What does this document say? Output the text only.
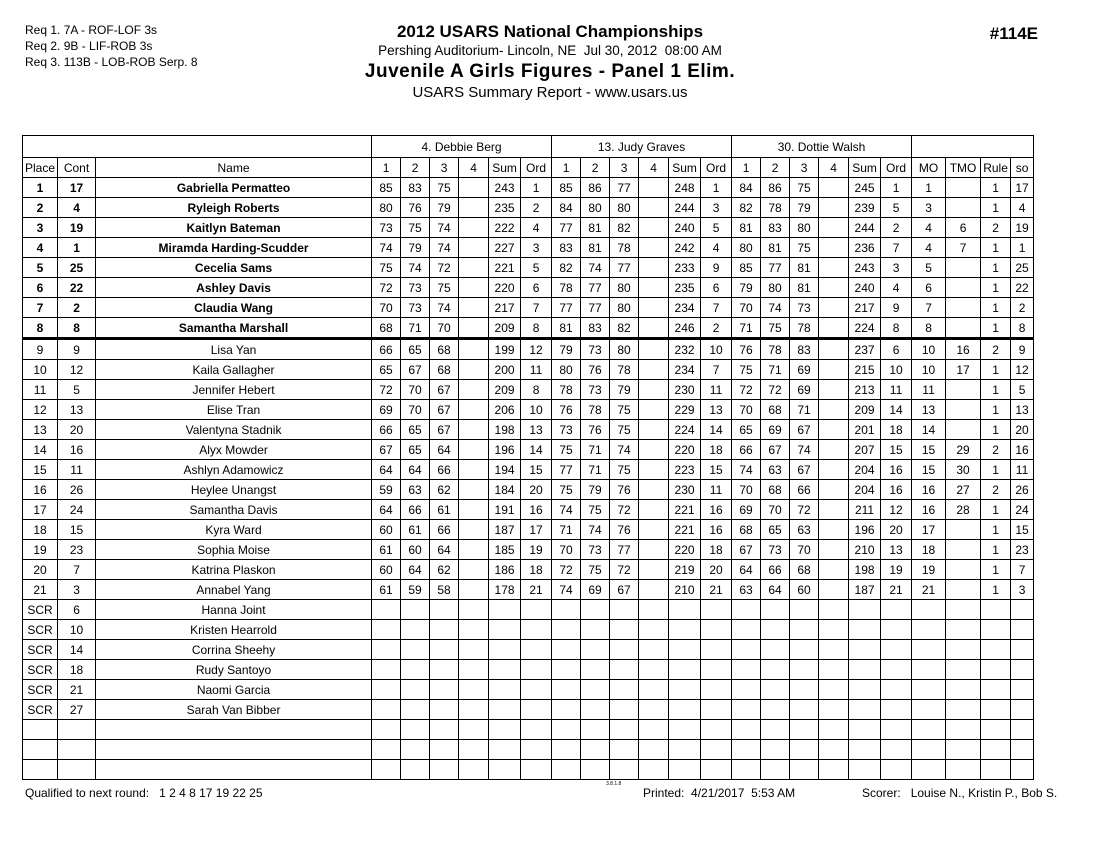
Req 1. 7A - ROF-LOF 3s
Req 2. 9B - LIF-ROB 3s
Req 3. 113B - LOB-ROB Serp. 8
2012 USARS National Championships
Pershing Auditorium- Lincoln, NE  Jul 30, 2012  08:00 AM
Juvenile A Girls Figures - Panel 1 Elim.
USARS Summary Report - www.usars.us
#114E
			4. Debbie Berg						13. Judy Graves						30. Dottie Walsh									
Place	Cont	Name	1	2	3	4	Sum	Ord	1	2	3	4	Sum	Ord	1	2	3	4	Sum	Ord	MO	TMO	Rule	so
1	17	Gabriella Permatteo	85	83	75		243	1	85	86	77		248	1	84	86	75		245	1	1		1	17
2	4	Ryleigh Roberts	80	76	79		235	2	84	80	80		244	3	82	78	79		239	5	3		1	4
3	19	Kaitlyn Bateman	73	75	74		222	4	77	81	82		240	5	81	83	80		244	2	4	6	2	19
4	1	Miramda Harding-Scudder	74	79	74		227	3	83	81	78		242	4	80	81	75		236	7	4	7	1	1
5	25	Cecelia Sams	75	74	72		221	5	82	74	77		233	9	85	77	81		243	3	5		1	25
6	22	Ashley Davis	72	73	75		220	6	78	77	80		235	6	79	80	81		240	4	6		1	22
7	2	Claudia Wang	70	73	74		217	7	77	77	80		234	7	70	74	73		217	9	7		1	2
8	8	Samantha Marshall	68	71	70		209	8	81	83	82		246	2	71	75	78		224	8	8		1	8
9	9	Lisa Yan	66	65	68		199	12	79	73	80		232	10	76	78	83		237	6	10	16	2	9
10	12	Kaila Gallagher	65	67	68		200	11	80	76	78		234	7	75	71	69		215	10	10	17	1	12
11	5	Jennifer Hebert	72	70	67		209	8	78	73	79		230	11	72	72	69		213	11	11		1	5
12	13	Elise Tran	69	70	67		206	10	76	78	75		229	13	70	68	71		209	14	13		1	13
13	20	Valentyna Stadnik	66	65	67		198	13	73	76	75		224	14	65	69	67		201	18	14		1	20
14	16	Alyx Mowder	67	65	64		196	14	75	71	74		220	18	66	67	74		207	15	15	29	2	16
15	11	Ashlyn Adamowicz	64	64	66		194	15	77	71	75		223	15	74	63	67		204	16	15	30	1	11
16	26	Heylee Unangst	59	63	62		184	20	75	79	76		230	11	70	68	66		204	16	16	27	2	26
17	24	Samantha Davis	64	66	61		191	16	74	75	72		221	16	69	70	72		211	12	16	28	1	24
18	15	Kyra Ward	60	61	66		187	17	71	74	76		221	16	68	65	63		196	20	17		1	15
19	23	Sophia Moise	61	60	64		185	19	70	73	77		220	18	67	73	70		210	13	18		1	23
20	7	Katrina Plaskon	60	64	62		186	18	72	75	72		219	20	64	66	68		198	19	19		1	7
21	3	Annabel Yang	61	59	58		178	21	74	69	67		210	21	63	64	60		187	21	21		1	3
SCR	6	Hanna Joint																						
SCR	10	Kristen Hearrold																						
SCR	14	Corrina Sheehy																						
SCR	18	Rudy Santoyo																						
SCR	21	Naomi Garcia																						
SCR	27	Sarah Van Bibber																						

Qualified to next round: 1 2 4 8 17 19 22 25
3.8.1.8
Printed:  4/21/2017  5:53 AM	Scorer: Louise N., Kristin P., Bob S.
